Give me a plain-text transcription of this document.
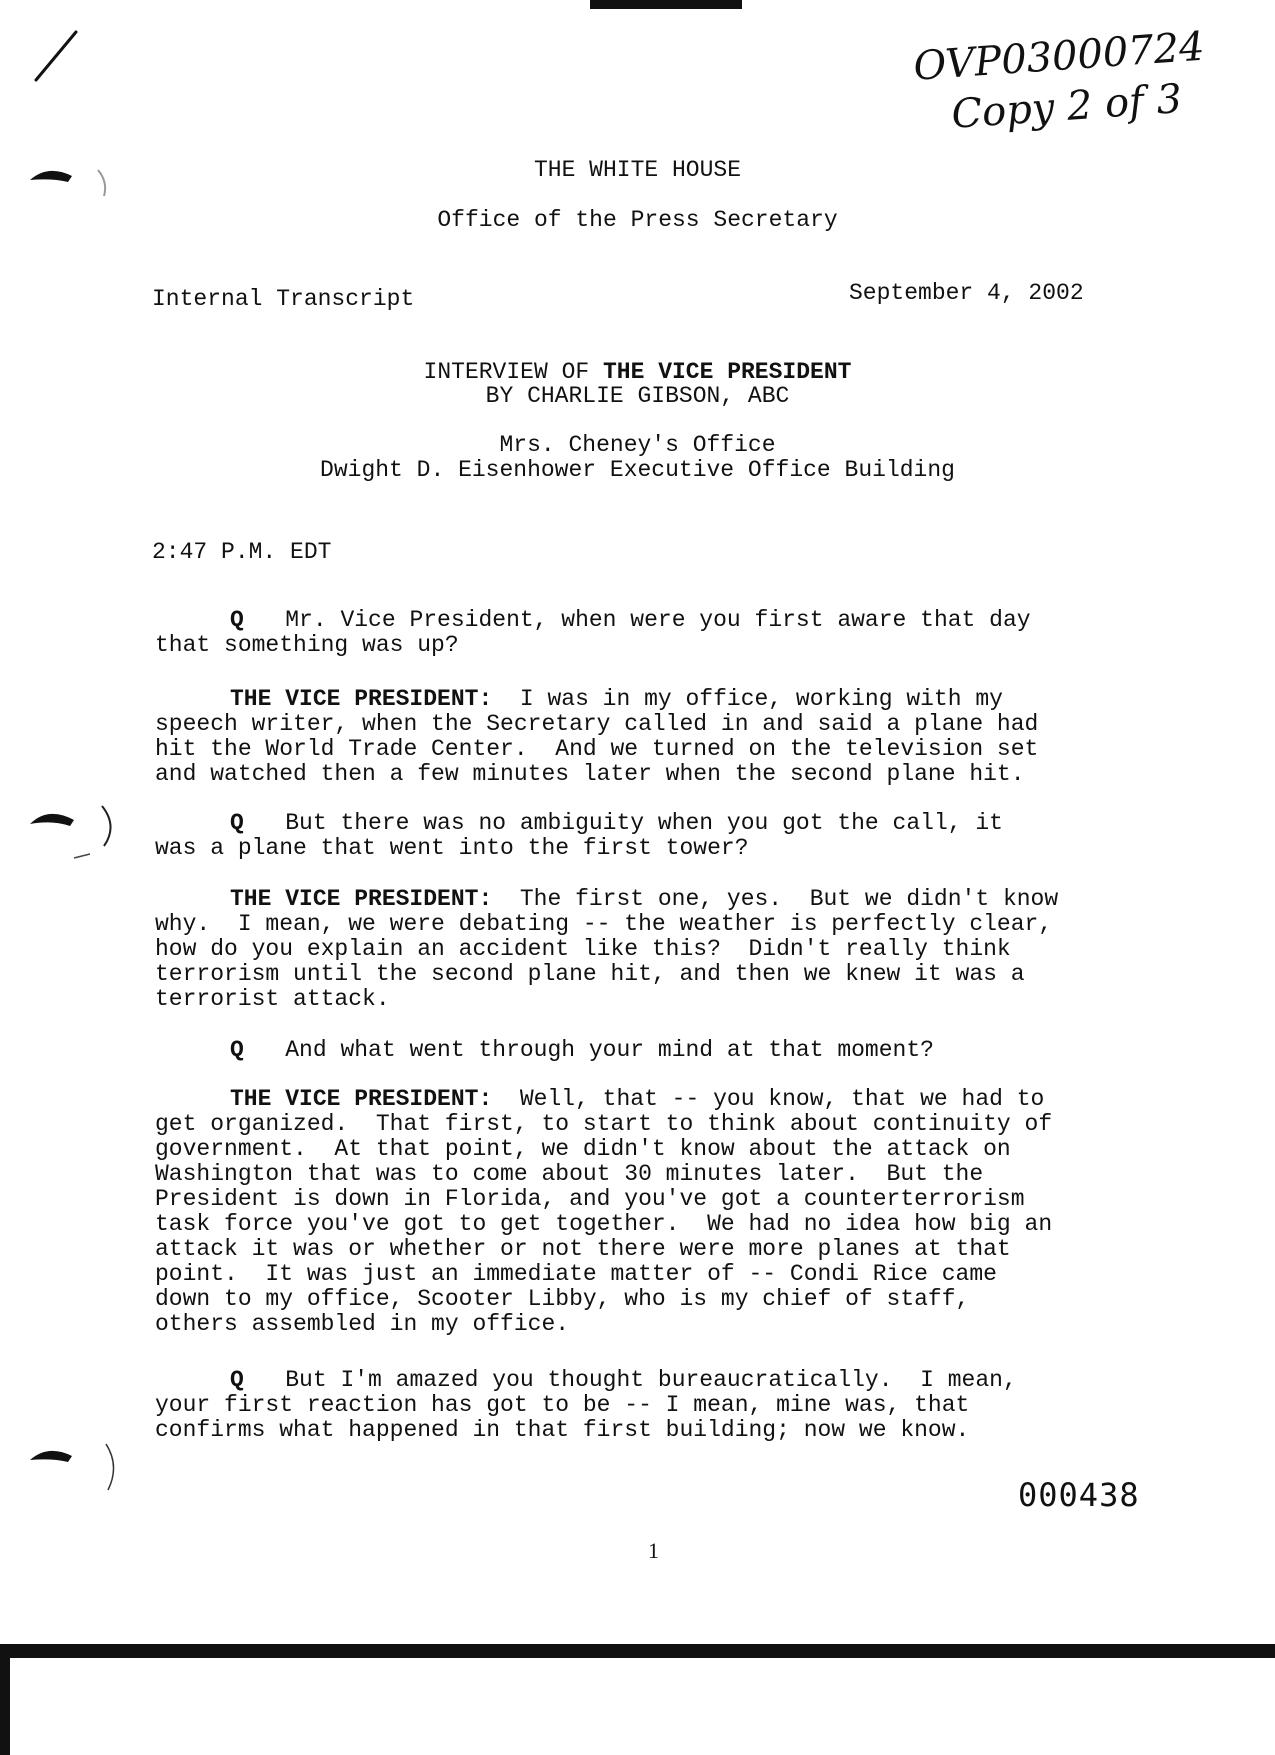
OVP03000724
Copy 2 of 3
THE WHITE HOUSE
Office of the Press Secretary
Internal Transcript	September 4, 2002
INTERVIEW OF THE VICE PRESIDENT
BY CHARLIE GIBSON, ABC
Mrs. Cheney's Office
Dwight D. Eisenhower Executive Office Building
2:47 P.M. EDT
Q Mr. Vice President, when were you first aware that day
that something was up?
THE VICE PRESIDENT: I was in my office, working with my
speech writer, when the Secretary called in and said a plane had
hit the World Trade Center.  And we turned on the television set
and watched then a few minutes later when the second plane hit.
Q But there was no ambiguity when you got the call, it
was a plane that went into the first tower?
THE VICE PRESIDENT: The first one, yes.  But we didn't know
why.  I mean, we were debating -- the weather is perfectly clear,
how do you explain an accident like this?  Didn't really think
terrorism until the second plane hit, and then we knew it was a
terrorist attack.
Q And what went through your mind at that moment?
THE VICE PRESIDENT: Well, that -- you know, that we had to
get organized.  That first, to start to think about continuity of
government.  At that point, we didn't know about the attack on
Washington that was to come about 30 minutes later.  But the
President is down in Florida, and you've got a counterterrorism
task force you've got to get together.  We had no idea how big an
attack it was or whether or not there were more planes at that
point.  It was just an immediate matter of -- Condi Rice came
down to my office, Scooter Libby, who is my chief of staff,
others assembled in my office.
Q But I'm amazed you thought bureaucratically.  I mean,
your first reaction has got to be -- I mean, mine was, that
confirms what happened in that first building; now we know.
000438
1
